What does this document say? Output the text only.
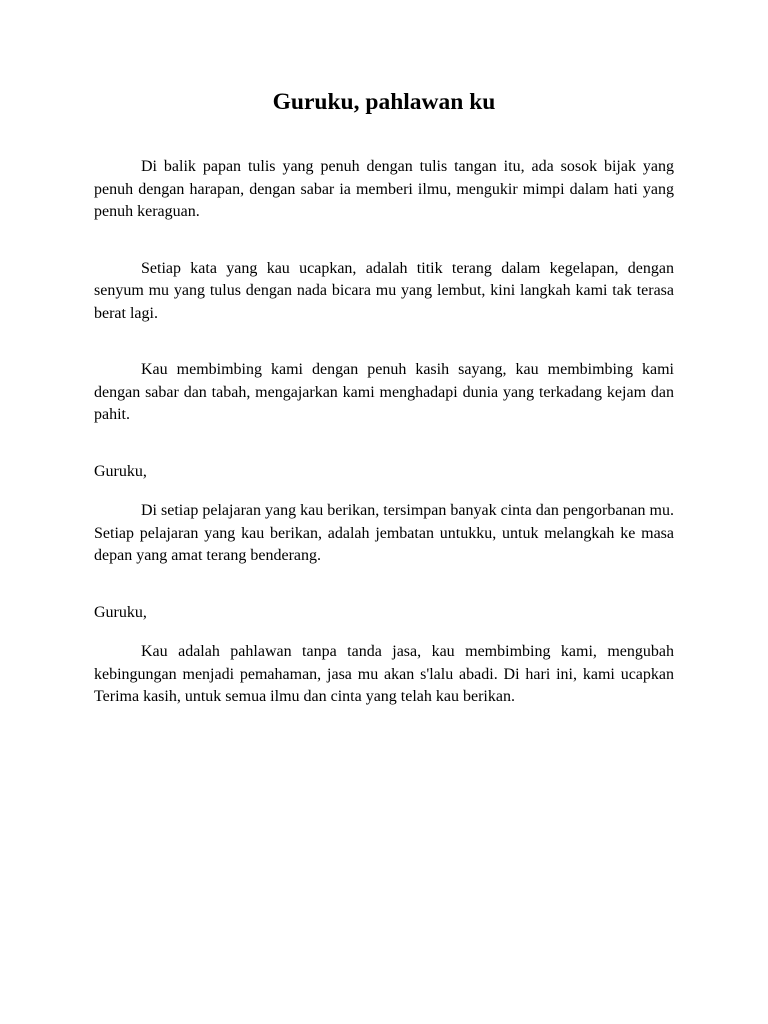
Guruku, pahlawan ku

Di balik papan tulis yang penuh dengan tulis tangan itu, ada sosok bijak yang penuh dengan harapan, dengan sabar ia memberi ilmu, mengukir mimpi dalam hati yang penuh keraguan.

Setiap kata yang kau ucapkan, adalah titik terang dalam kegelapan, dengan senyum mu yang tulus dengan nada bicara mu yang lembut, kini langkah kami tak terasa berat lagi.

Kau membimbing kami dengan penuh kasih sayang, kau membimbing kami dengan sabar dan tabah, mengajarkan kami menghadapi dunia yang terkadang kejam dan pahit.

Guruku,

Di setiap pelajaran yang kau berikan, tersimpan banyak cinta dan pengorbanan mu. Setiap pelajaran yang kau berikan, adalah jembatan untukku, untuk melangkah ke masa depan yang amat terang benderang.

Guruku,

Kau adalah pahlawan tanpa tanda jasa, kau membimbing kami, mengubah kebingungan menjadi pemahaman, jasa mu akan s'lalu abadi. Di hari ini, kami ucapkan Terima kasih, untuk semua ilmu dan cinta yang telah kau berikan.
